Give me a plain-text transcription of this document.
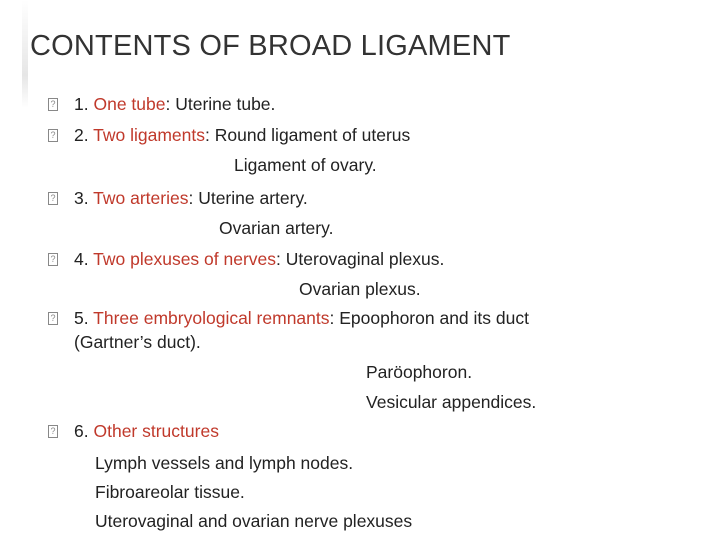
CONTENTS OF BROAD LIGAMENT
? 1. One tube: Uterine tube.
? 2. Two ligaments: Round ligament of uterus
Ligament of ovary.
? 3. Two arteries: Uterine artery.
Ovarian artery.
? 4. Two plexuses of nerves: Uterovaginal plexus.
Ovarian plexus.
? 5. Three embryological remnants: Epoophoron and its duct
(Gartner’s duct).
Paröophoron.
Vesicular appendices.
? 6. Other structures
Lymph vessels and lymph nodes.
Fibroareolar tissue.
Uterovaginal and ovarian nerve plexuses
